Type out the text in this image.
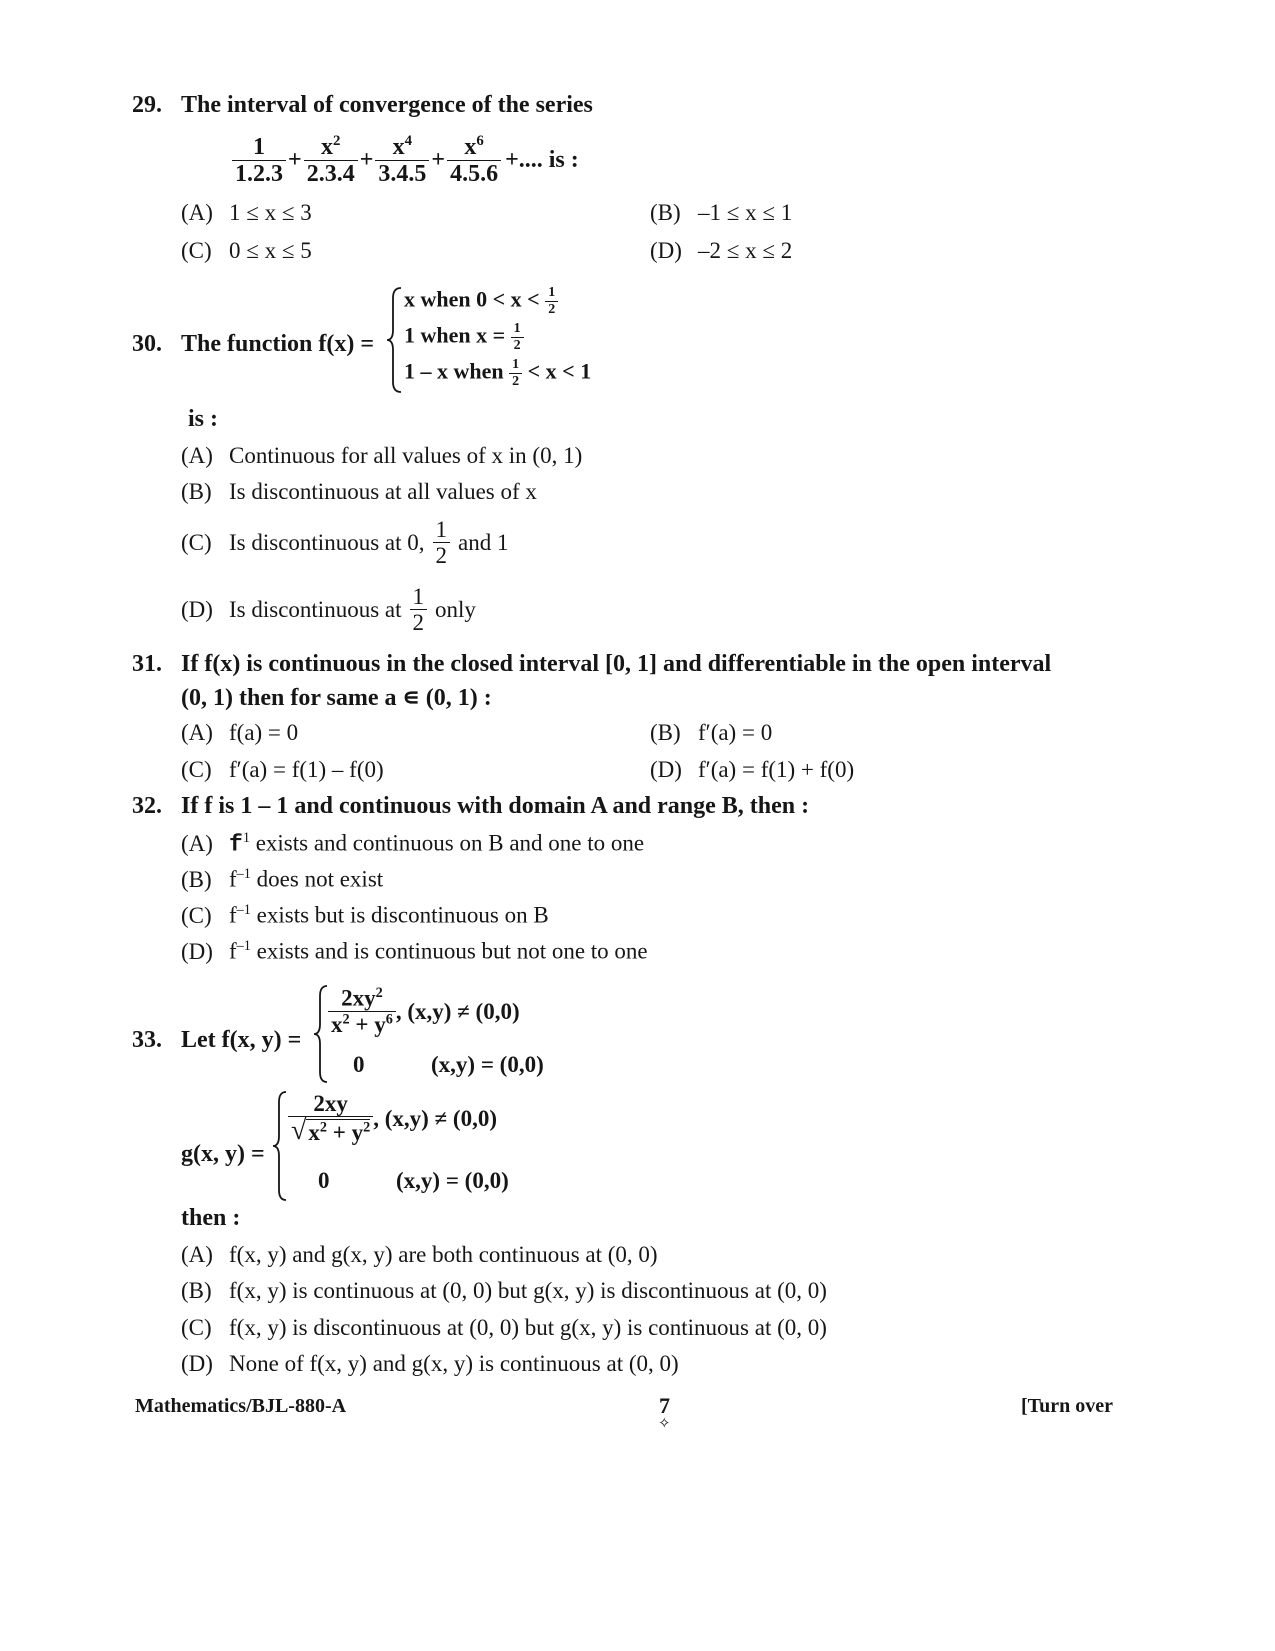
29. The interval of convergence of the series
$\frac{1}{1.2.3} + \frac{x^2}{2.3.4} + \frac{x^4}{3.4.5} + \frac{x^6}{4.5.6}$ +.... is :
(A) 1 ≤ x ≤ 3	(B) –1 ≤ x ≤ 1
(C) 0 ≤ x ≤ 5	(D) –2 ≤ x ≤ 2
30. The function f(x) =
x when $0 < x < \frac{1}{2}$
1 when $x = \frac{1}{2}$
1 – x when $\frac{1}{2} < x < 1$
is :
(A) Continuous for all values of x in (0, 1)
(B) Is discontinuous at all values of x
(C) Is discontinuous at 0, $\frac{1}{2}$ and 1
(D) Is discontinuous at $\frac{1}{2}$ only
31. If f(x) is continuous in the closed interval [0, 1] and differentiable in the open interval
(0, 1) then for same a ∊ (0, 1) :
(A) f(a) = 0	(B) f′(a) = 0
(C) f′(a) = f(1) – f(0)	(D) f′(a) = f(1) + f(0)
32. If f is 1 – 1 and continuous with domain A and range B, then :
(A) $f^1$ exists and continuous on B and one to one
(B) $f^{-1}$ does not exist
(C) $f^{-1}$ exists but is discontinuous on B
(D) $f^{-1}$ exists and is continuous but not one to one
33. Let f(x, y) =
$\frac{2xy^2}{x^2 + y^6}$ , (x,y) ≠ (0,0)
0	(x,y) = (0,0)
g(x, y) =
$\frac{2xy}{√ x^2 + y^2}$ , (x,y) ≠ (0,0)
0	(x,y) = (0,0)
then :
(A) f(x, y) and g(x, y) are both continuous at (0, 0)
(B) f(x, y) is continuous at (0, 0) but g(x, y) is discontinuous at (0, 0)
(C) f(x, y) is discontinuous at (0, 0) but g(x, y) is continuous at (0, 0)
(D) None of f(x, y) and g(x, y) is continuous at (0, 0)
Mathematics/BJL-880-A	7
✧
[Turn over
